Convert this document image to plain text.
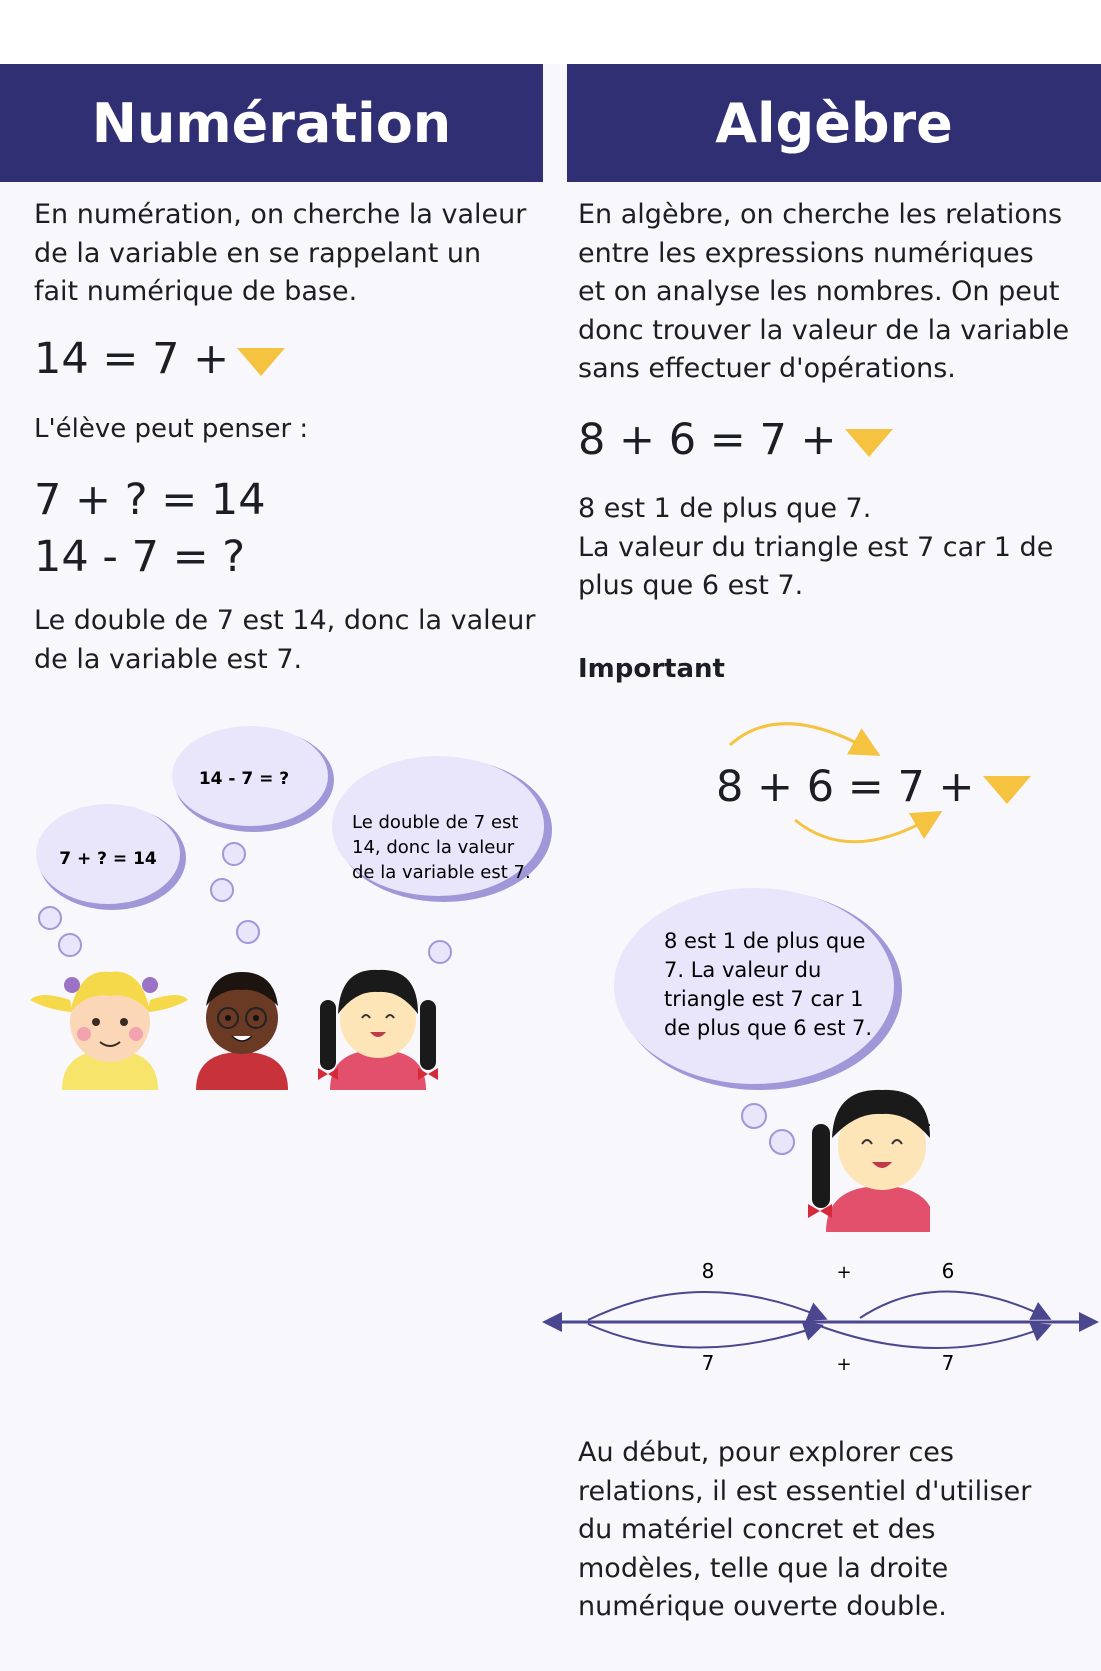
Numération	Algèbre
En numération, on cherche la valeur
de la variable en se rappelant un
fait numérique de base.
14 = 7 +
L'élève peut penser :
7 + ? = 14
14 - 7 = ?
Le double de 7 est 14, donc la valeur
de la variable est 7.
7 + ? = 14
14 - 7 = ?
Le double de 7 est
14, donc la valeur
de la variable est 7.
En algèbre, on cherche les relations
entre les expressions numériques
et on analyse les nombres. On peut
donc trouver la valeur de la variable
sans effectuer d'opérations.
8 + 6 = 7 +
8 est 1 de plus que 7.
La valeur du triangle est 7 car 1 de
plus que 6 est 7.
Important
8 + 6 = 7 +
8 est 1 de plus que
7. La valeur du
triangle est 7 car 1
de plus que 6 est 7.
8	+	6
7	+	7
Au début, pour explorer ces
relations, il est essentiel d'utiliser
du matériel concret et des
modèles, telle que la droite
numérique ouverte double.
